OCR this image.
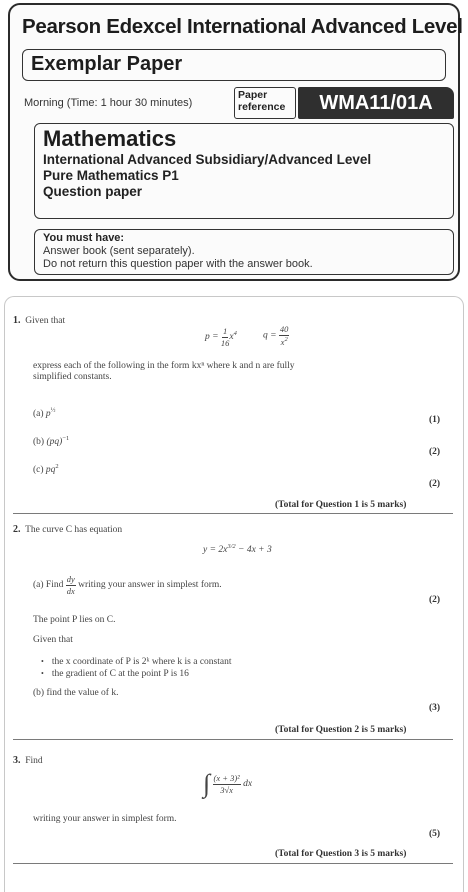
Pearson Edexcel International Advanced Level
Exemplar Paper
Morning (Time: 1 hour 30 minutes)
Paper
reference	WMA11/01A
Mathematics
International Advanced Subsidiary/Advanced Level
Pure Mathematics P1
Question paper
You must have:
Answer book (sent separately).
Do not return this question paper with the answer book.
1. Given that
$p = \frac{1}{16} x^4$	$q = \frac{40}{x^2}$
express each of the following in the form kxⁿ where k and n are fully
simplified constants.
(a) $p^{\frac{1}{2}}$
(1)
(b) (pq)$^{-1}$
(2)
(c) $pq^2$
(2)
(Total for Question 1 is 5 marks)
2. The curve C has equation
$y = 2x^{3/2} - 4x + 3$
(a) Find $\frac{dy}{dx}$ writing your answer in simplest form.
(2)
The point P lies on C.
Given that
• the x coordinate of P is 2ᵏ where k is a constant
• the gradient of C at the point P is 16
(b) find the value of k.
(3)
(Total for Question 2 is 5 marks)
3. Find
∫ $\frac{\text{(x + 3)²}}{3√x}$ dx
writing your answer in simplest form.
(5)
(Total for Question 3 is 5 marks)
